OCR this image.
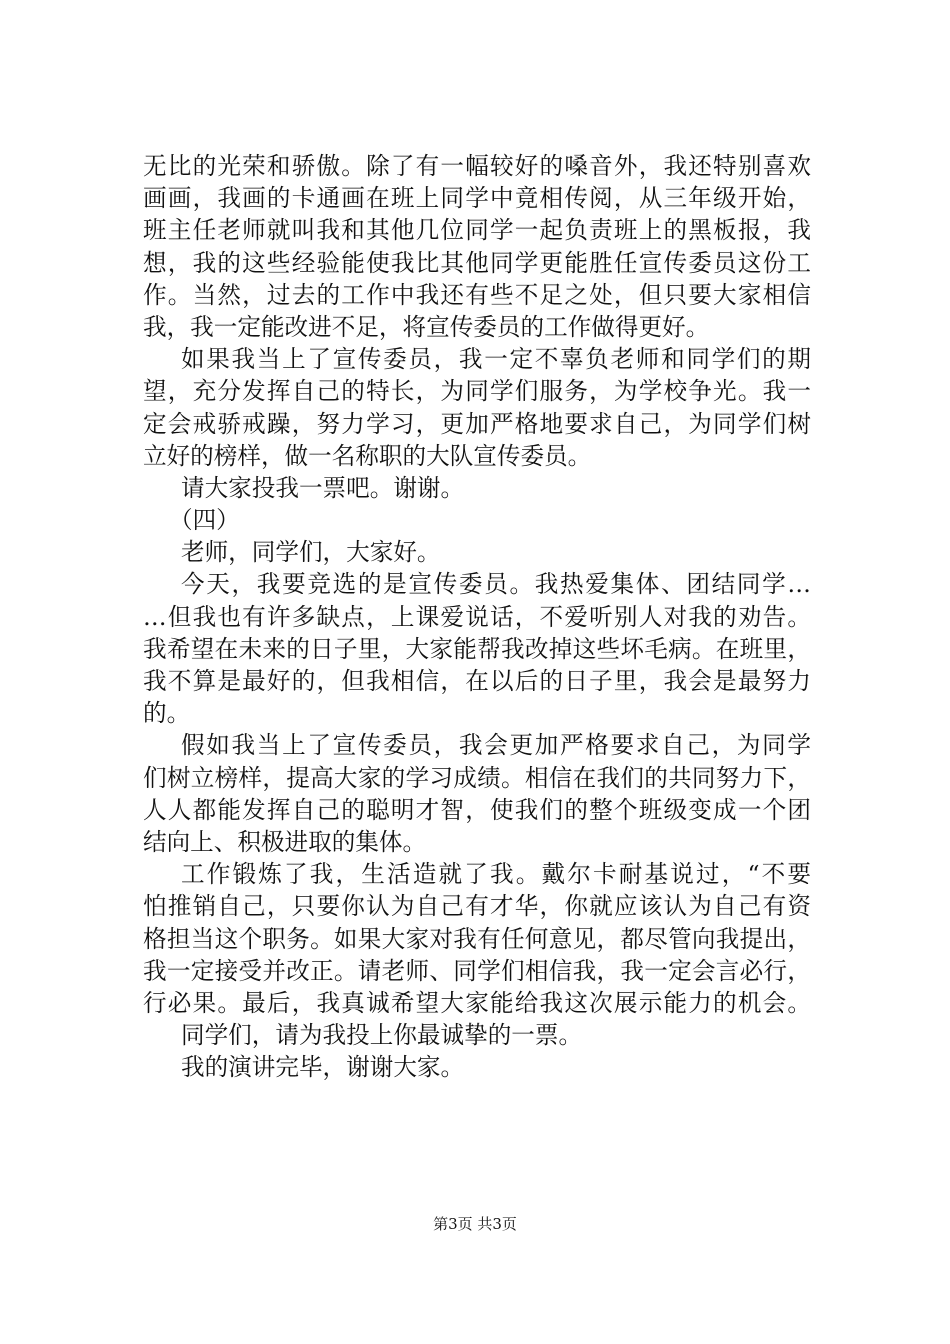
无比的光荣和骄傲。除了有一幅较好的嗓音外，我还特别喜欢
画画，我画的卡通画在班上同学中竟相传阅，从三年级开始，
班主任老师就叫我和其他几位同学一起负责班上的黑板报，我
想，我的这些经验能使我比其他同学更能胜任宣传委员这份工
作。当然，过去的工作中我还有些不足之处，但只要大家相信
我，我一定能改进不足，将宣传委员的工作做得更好。
如果我当上了宣传委员，我一定不辜负老师和同学们的期
望，充分发挥自己的特长，为同学们服务，为学校争光。我一
定会戒骄戒躁，努力学习，更加严格地要求自己，为同学们树
立好的榜样，做一名称职的大队宣传委员。
请大家投我一票吧。谢谢。
（四）
老师，同学们，大家好。
今天，我要竞选的是宣传委员。我热爱集体、团结同学…
…但我也有许多缺点，上课爱说话，不爱听别人对我的劝告。
我希望在未来的日子里，大家能帮我改掉这些坏毛病。在班里，
我不算是最好的，但我相信，在以后的日子里，我会是最努力
的。
假如我当上了宣传委员，我会更加严格要求自己，为同学
们树立榜样，提高大家的学习成绩。相信在我们的共同努力下，
人人都能发挥自己的聪明才智，使我们的整个班级变成一个团
结向上、积极进取的集体。
工作锻炼了我，生活造就了我。戴尔卡耐基说过，“不要
怕推销自己，只要你认为自己有才华，你就应该认为自己有资
格担当这个职务。如果大家对我有任何意见，都尽管向我提出，
我一定接受并改正。请老师、同学们相信我，我一定会言必行，
行必果。最后，我真诚希望大家能给我这次展示能力的机会。
同学们，请为我投上你最诚挚的一票。
我的演讲完毕，谢谢大家。
第3页 共3页
